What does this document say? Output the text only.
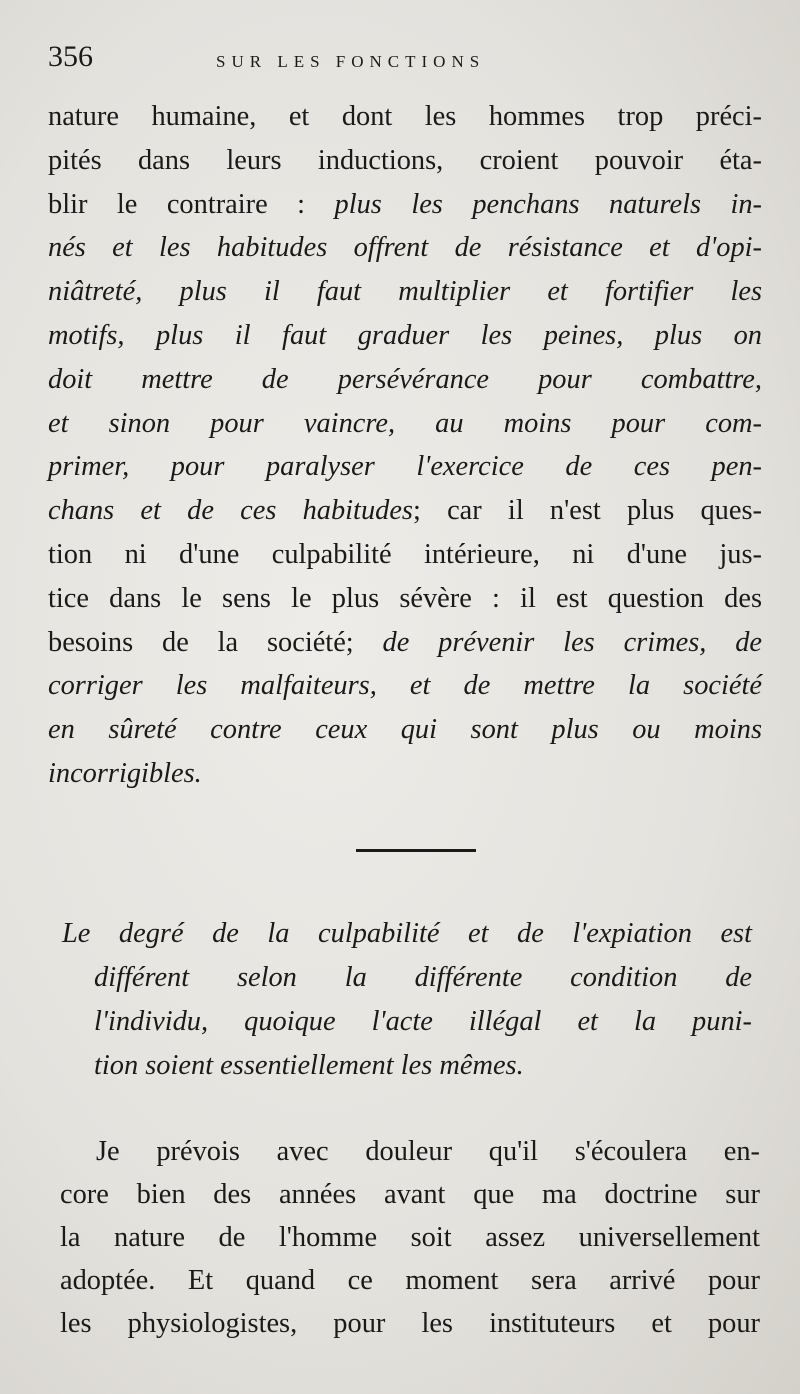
356	SUR LES FONCTIONS
nature humaine, et dont les hommes trop préci-
pités dans leurs inductions, croient pouvoir éta-
blir le contraire : plus les penchans naturels in-
nés et les habitudes offrent de résistance et d'opi-
niâtreté, plus il faut multiplier et fortifier les
motifs, plus il faut graduer les peines, plus on
doit mettre de persévérance pour combattre,
et sinon pour vaincre, au moins pour com-
primer, pour paralyser l'exercice de ces pen-
chans et de ces habitudes; car il n'est plus ques-
tion ni d'une culpabilité intérieure, ni d'une jus-
tice dans le sens le plus sévère : il est question des
besoins de la société; de prévenir les crimes, de
corriger les malfaiteurs, et de mettre la société
en sûreté contre ceux qui sont plus ou moins
incorrigibles.
Le degré de la culpabilité et de l'expiation est
différent selon la différente condition de
l'individu, quoique l'acte illégal et la puni-
tion soient essentiellement les mêmes.
Je prévois avec douleur qu'il s'écoulera en-
core bien des années avant que ma doctrine sur
la nature de l'homme soit assez universellement
adoptée. Et quand ce moment sera arrivé pour
les physiologistes, pour les instituteurs et pour
